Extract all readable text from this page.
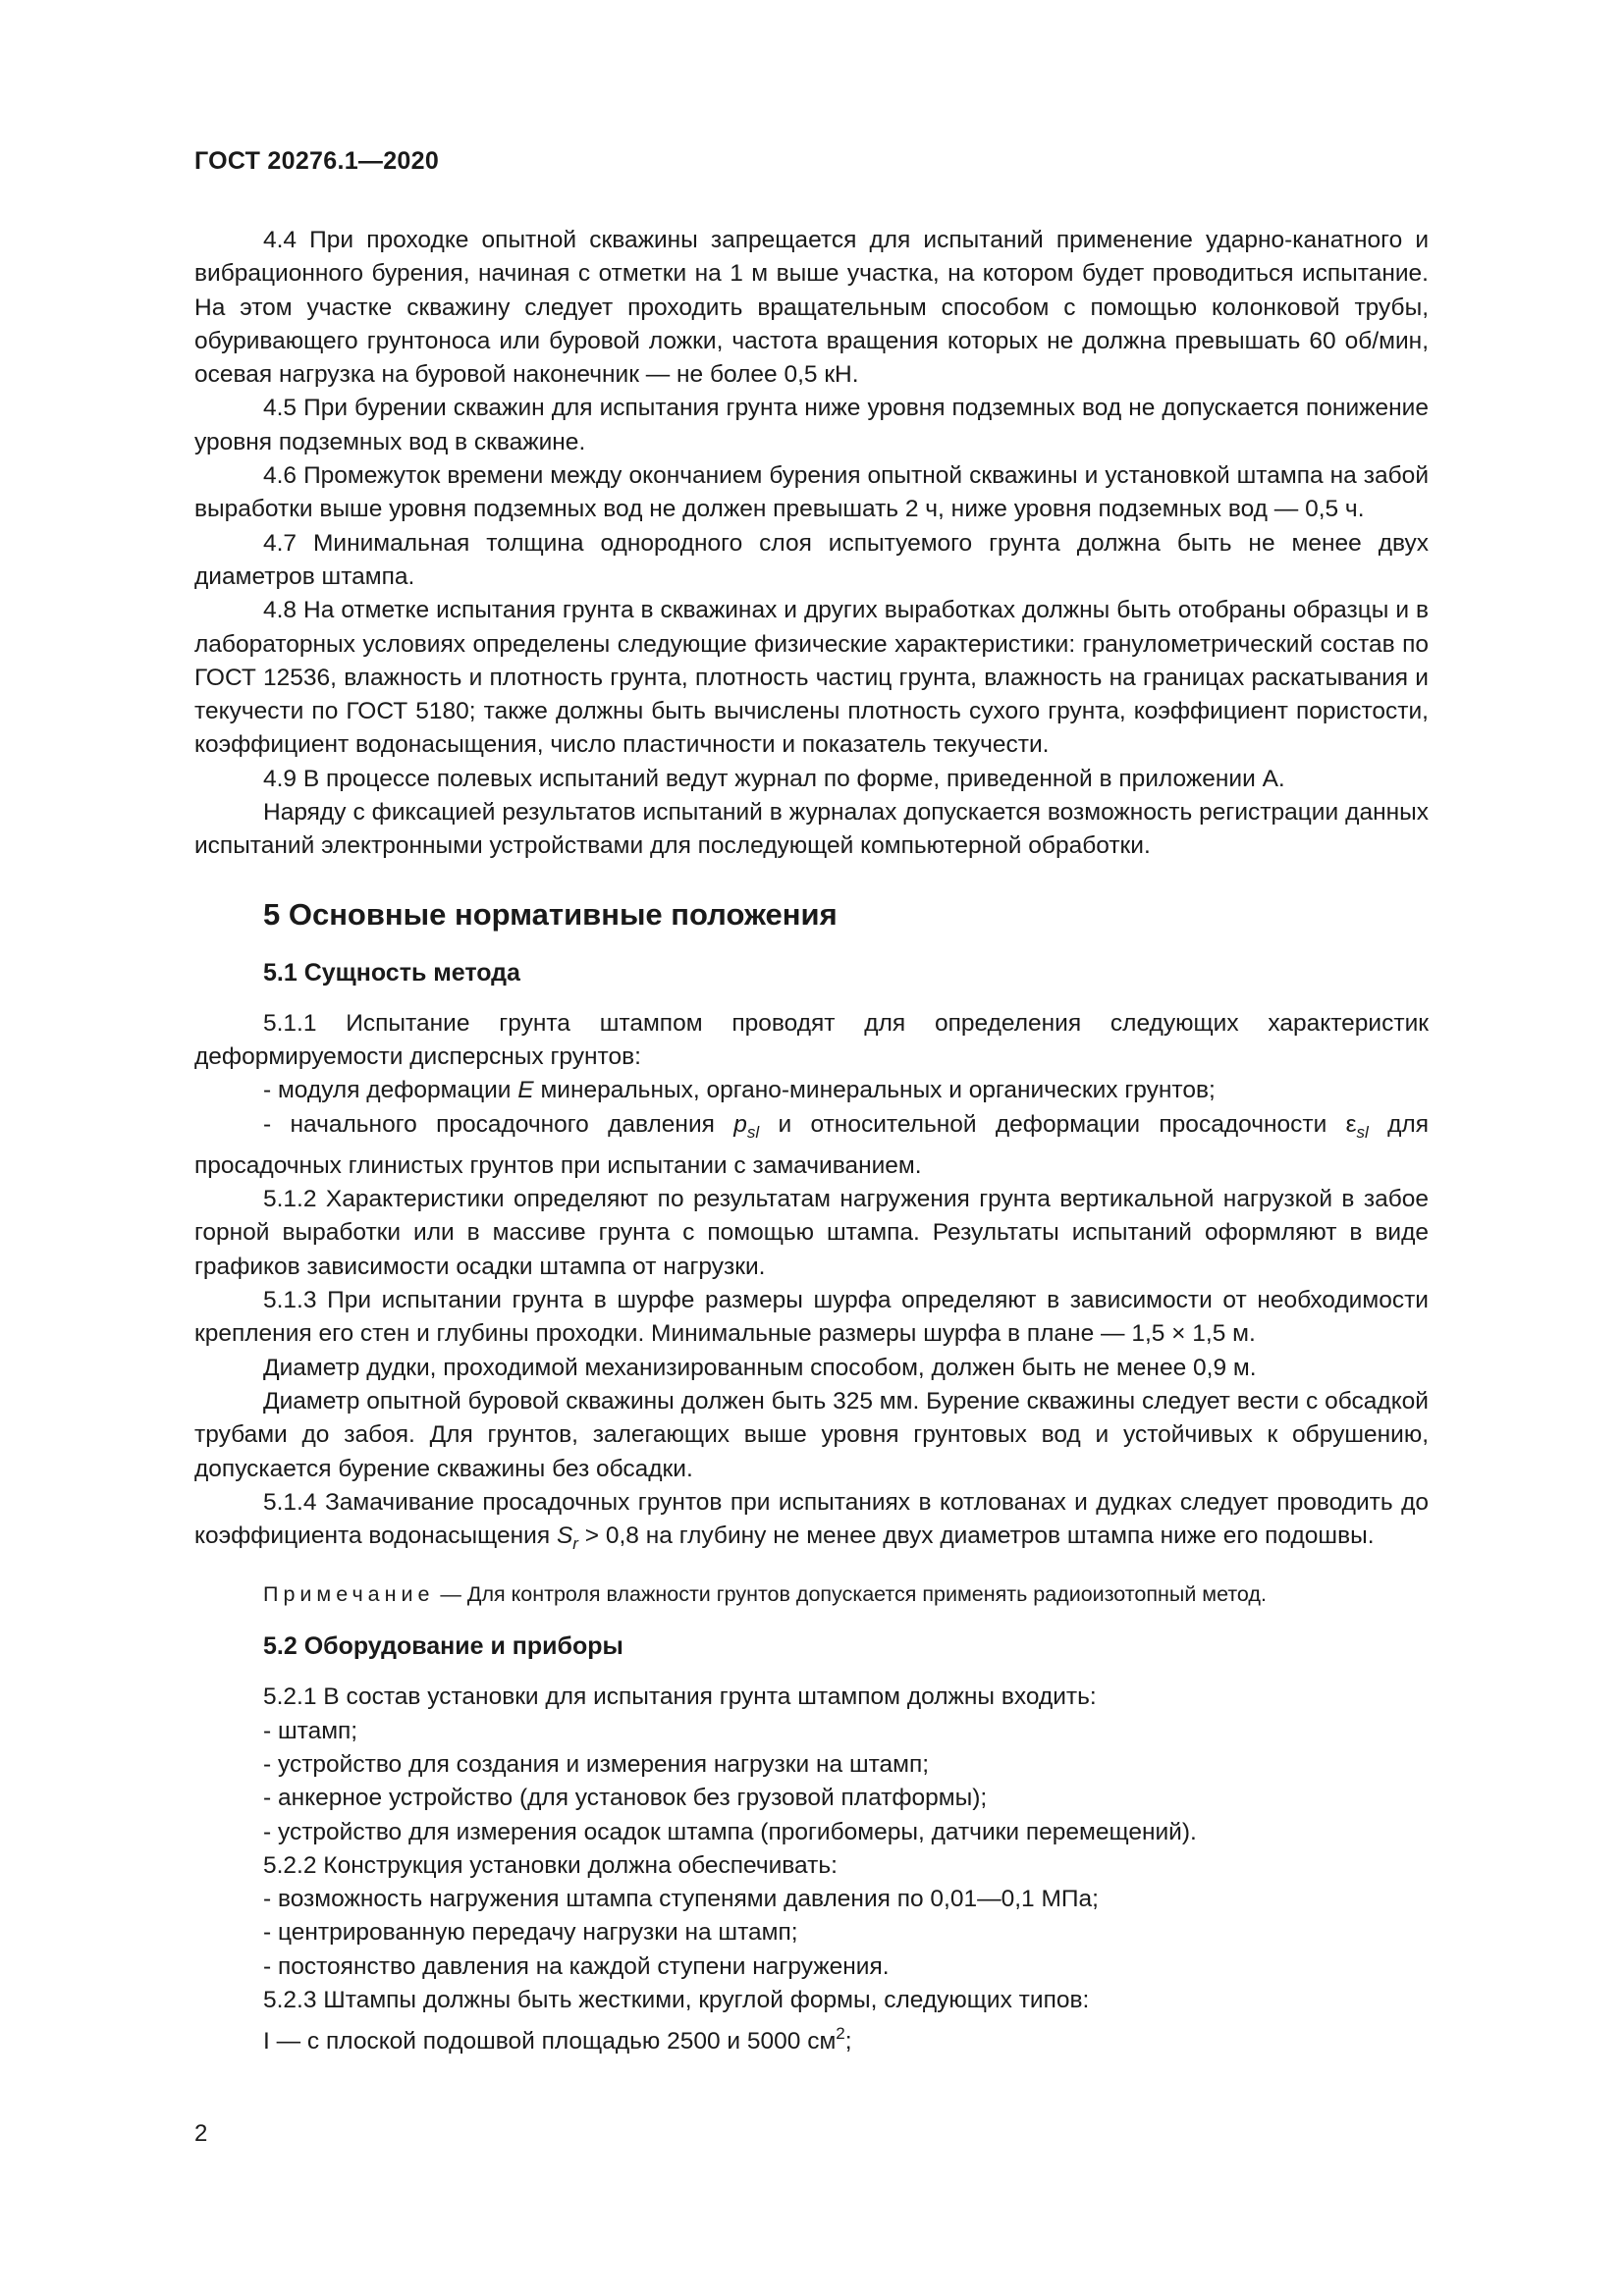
ГОСТ 20276.1—2020

4.4 При проходке опытной скважины запрещается для испытаний применение ударно-канатного и вибрационного бурения, начиная с отметки на 1 м выше участка, на котором будет проводиться испытание. На этом участке скважину следует проходить вращательным способом с помощью колонковой трубы, обуривающего грунтоноса или буровой ложки, частота вращения которых не должна превышать 60 об/мин, осевая нагрузка на буровой наконечник — не более 0,5 кН.

4.5 При бурении скважин для испытания грунта ниже уровня подземных вод не допускается понижение уровня подземных вод в скважине.

4.6 Промежуток времени между окончанием бурения опытной скважины и установкой штампа на забой выработки выше уровня подземных вод не должен превышать 2 ч, ниже уровня подземных вод — 0,5 ч.

4.7 Минимальная толщина однородного слоя испытуемого грунта должна быть не менее двух диаметров штампа.

4.8 На отметке испытания грунта в скважинах и других выработках должны быть отобраны образцы и в лабораторных условиях определены следующие физические характеристики: гранулометрический состав по ГОСТ 12536, влажность и плотность грунта, плотность частиц грунта, влажность на границах раскатывания и текучести по ГОСТ 5180; также должны быть вычислены плотность сухого грунта, коэффициент пористости, коэффициент водонасыщения, число пластичности и показатель текучести.

4.9 В процессе полевых испытаний ведут журнал по форме, приведенной в приложении А.

Наряду с фиксацией результатов испытаний в журналах допускается возможность регистрации данных испытаний электронными устройствами для последующей компьютерной обработки.

5 Основные нормативные положения
5.1 Сущность метода

5.1.1 Испытание грунта штампом проводят для определения следующих характеристик деформируемости дисперсных грунтов:

- модуля деформации E минеральных, органо-минеральных и органических грунтов;

- начального просадочного давления $p_{sl}$ и относительной деформации просадочности $\varepsilon_{sl}$ для просадочных глинистых грунтов при испытании с замачиванием.

5.1.2 Характеристики определяют по результатам нагружения грунта вертикальной нагрузкой в забое горной выработки или в массиве грунта с помощью штампа. Результаты испытаний оформляют в виде графиков зависимости осадки штампа от нагрузки.

5.1.3 При испытании грунта в шурфе размеры шурфа определяют в зависимости от необходимости крепления его стен и глубины проходки. Минимальные размеры шурфа в плане — 1,5 × 1,5 м.

Диаметр дудки, проходимой механизированным способом, должен быть не менее 0,9 м.

Диаметр опытной буровой скважины должен быть 325 мм. Бурение скважины следует вести с обсадкой трубами до забоя. Для грунтов, залегающих выше уровня грунтовых вод и устойчивых к обрушению, допускается бурение скважины без обсадки.

5.1.4 Замачивание просадочных грунтов при испытаниях в котлованах и дудках следует проводить до коэффициента водонасыщения $S_r > 0,8$ на глубину не менее двух диаметров штампа ниже его подошвы.

Примечание — Для контроля влажности грунтов допускается применять радиоизотопный метод.

5.2 Оборудование и приборы

5.2.1 В состав установки для испытания грунта штампом должны входить:

- штамп;

- устройство для создания и измерения нагрузки на штамп;

- анкерное устройство (для установок без грузовой платформы);

- устройство для измерения осадок штампа (прогибомеры, датчики перемещений).

5.2.2 Конструкция установки должна обеспечивать:

- возможность нагружения штампа ступенями давления по 0,01—0,1 МПа;

- центрированную передачу нагрузки на штамп;

- постоянство давления на каждой ступени нагружения.

5.2.3 Штампы должны быть жесткими, круглой формы, следующих типов:

I — с плоской подошвой площадью 2500 и 5000 $см^2$;

2
